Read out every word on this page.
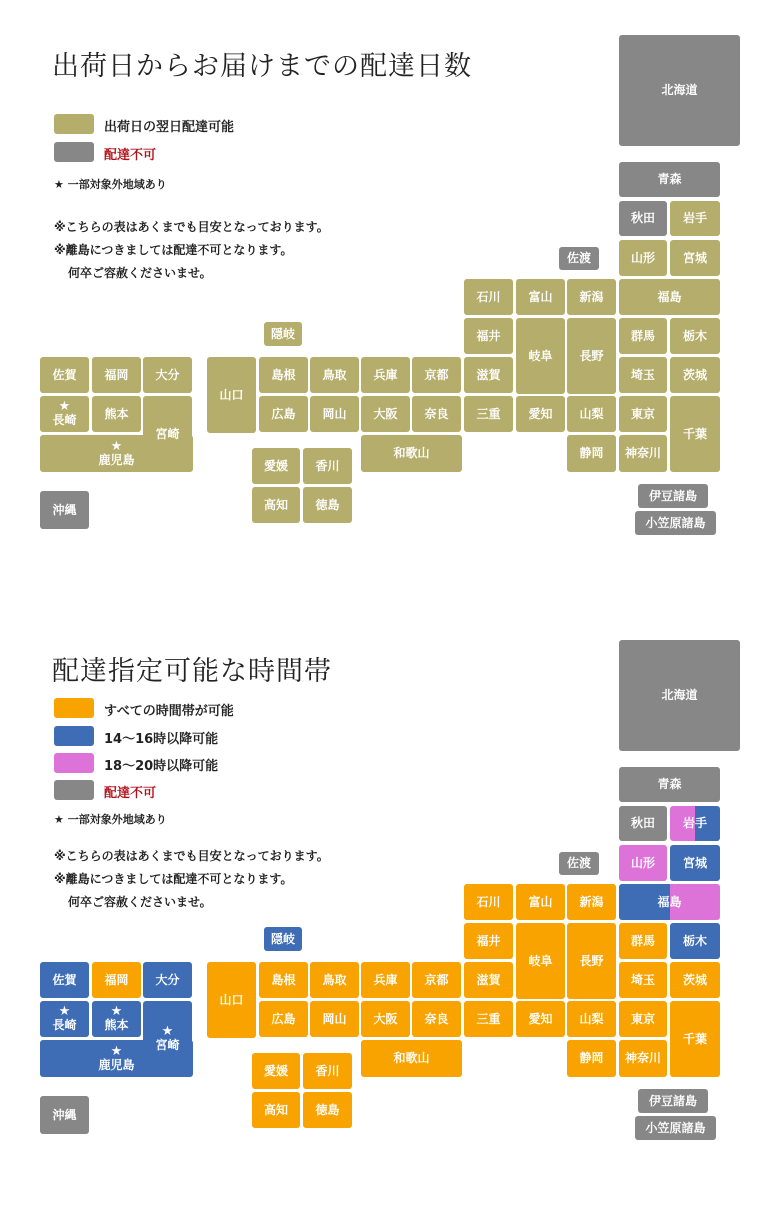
出荷日からお届けまでの配達日数
出荷日の翌日配達可能
配達不可
★ 一部対象外地域あり
※こちらの表はあくまでも目安となっております。
※離島につきましては配達不可となります。
何卒ご容赦くださいませ。
北海道
青森
秋田 岩手
山形 宮城
佐渡
石川 富山 新潟	福島
隠岐	福井
岐阜 長野
群馬 栃木
佐賀 福岡 大分
山口
島根 鳥取 兵庫 京都 滋賀	埼玉 茨城
★
長崎 熊本
宮崎
広島 岡山 大阪 奈良 三重 愛知 山梨 東京
千葉
★
鹿児島	和歌山
愛媛 香川
静岡 神奈川
高知 徳島
沖縄
伊豆諸島
小笠原諸島
配達指定可能な時間帯
すべての時間帯が可能
14〜16時以降可能
18〜20時以降可能
配達不可
★ 一部対象外地域あり
※こちらの表はあくまでも目安となっております。
※離島につきましては配達不可となります。
何卒ご容赦くださいませ。
北海道
青森
秋田 岩手
山形 宮城
佐渡
石川 富山 新潟	福島
隠岐	福井
岐阜 長野
群馬 栃木
佐賀 福岡 大分
山口
島根 鳥取 兵庫 京都 滋賀	埼玉 茨城
★
長崎
★
熊本	★
宮崎
広島 岡山 大阪 奈良 三重 愛知 山梨 東京
千葉
★
鹿児島	和歌山
愛媛 香川
静岡 神奈川
高知 徳島
沖縄
伊豆諸島
小笠原諸島
